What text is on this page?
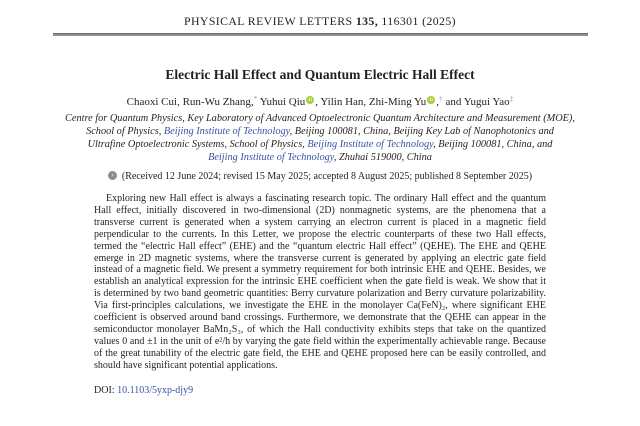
PHYSICAL REVIEW LETTERS 135, 116301 (2025)
Electric Hall Effect and Quantum Electric Hall Effect
Chaoxi Cui, Run-Wu Zhang,* Yuhui Qiu iD , Yilin Han, Zhi-Ming Yu iD ,† and Yugui Yao‡
Centre for Quantum Physics, Key Laboratory of Advanced Optoelectronic Quantum Architecture and Measurement (MOE),
School of Physics, Beijing Institute of Technology, Beijing 100081, China, Beijing Key Lab of Nanophotonics and
Ultrafine Optoelectronic Systems, School of Physics, Beijing Institute of Technology, Beijing 100081, China, and
Beijing Institute of Technology, Zhuhai 519000, China
› (Received 12 June 2024; revised 15 May 2025; accepted 8 August 2025; published 8 September 2025)

Exploring new Hall effect is always a fascinating research topic. The ordinary Hall effect and the quantum Hall effect, initially discovered in two-dimensional (2D) nonmagnetic systems, are the phenomena that a transverse current is generated when a system carrying an electron current is placed in a magnetic field perpendicular to the currents. In this Letter, we propose the electric counterparts of these two Hall effects, termed the “electric Hall effect” (EHE) and the “quantum electric Hall effect” (QEHE). The EHE and QEHE emerge in 2D magnetic systems, where the transverse current is generated by applying an electric gate field instead of a magnetic field. We present a symmetry requirement for both intrinsic EHE and QEHE. Besides, we establish an analytical expression for the intrinsic EHE coefficient when the gate field is weak. We show that it is determined by two band geometric quantities: Berry curvature polarization and Berry curvature polarizability. Via first-principles calculations, we investigate the EHE in the monolayer Ca(FeN)₂, where significant EHE coefficient is observed around band crossings. Furthermore, we demonstrate that the QEHE can appear in the semiconductor monolayer BaMn₂S₃, of which the Hall conductivity exhibits steps that take on the quantized values 0 and ±1 in the unit of e²/h by varying the gate field within the experimentally achievable range. Because of the great tunability of the electric gate field, the EHE and QEHE proposed here can be easily controlled, and should have significant potential applications.

DOI: 10.1103/5yxp-djy9
